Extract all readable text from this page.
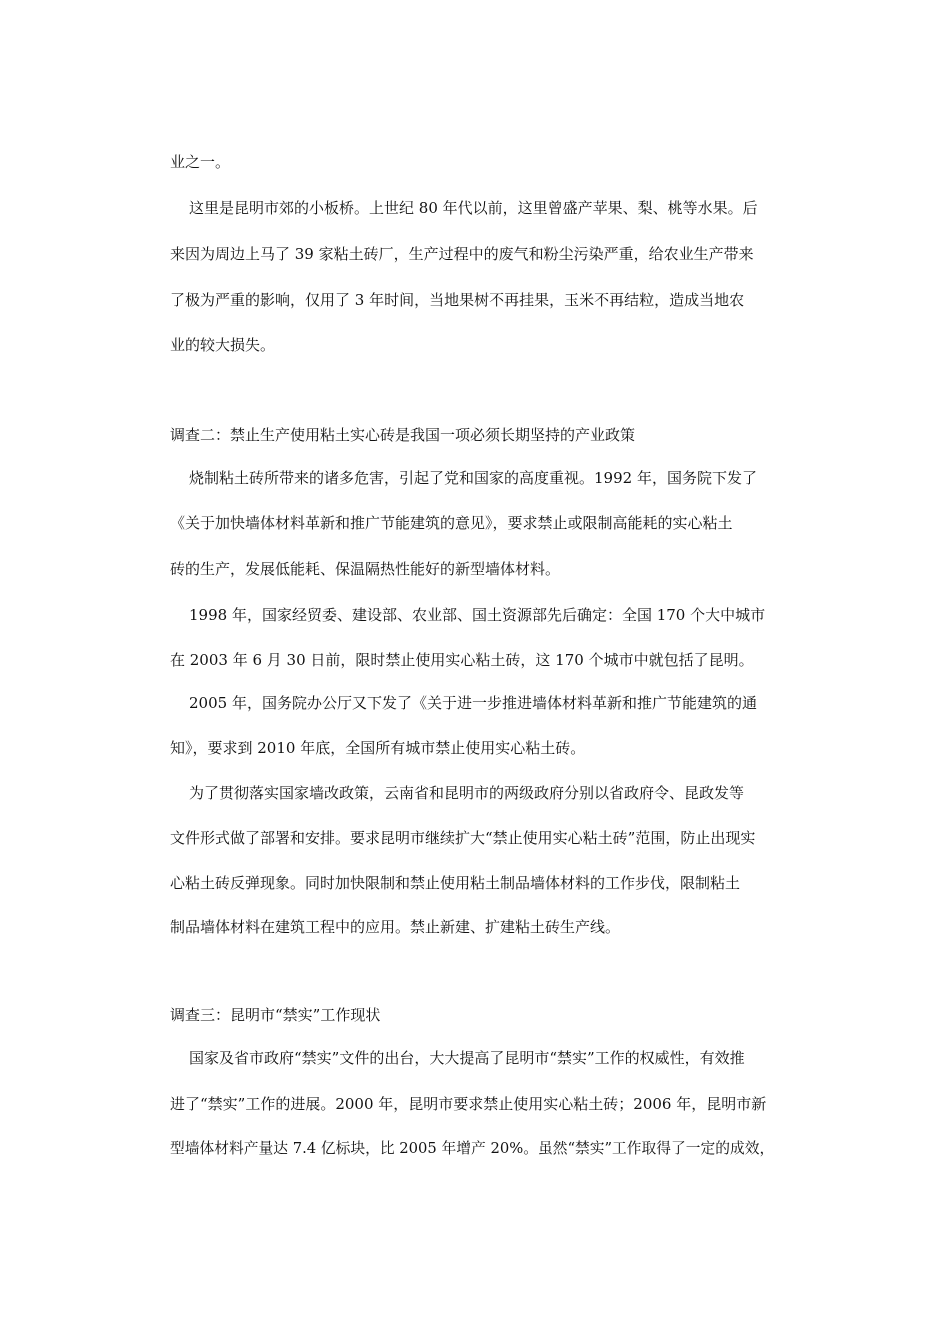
业之一。
这里是昆明市郊的小板桥。上世纪 80 年代以前，这里曾盛产苹果、梨、桃等水果。后
来因为周边上马了 39 家粘土砖厂，生产过程中的废气和粉尘污染严重，给农业生产带来
了极为严重的影响，仅用了 3 年时间，当地果树不再挂果，玉米不再结粒，造成当地农
业的较大损失。
调查二：禁止生产使用粘土实心砖是我国一项必须长期坚持的产业政策
烧制粘土砖所带来的诸多危害，引起了党和国家的高度重视。1992 年，国务院下发了
《关于加快墙体材料革新和推广节能建筑的意见》，要求禁止或限制高能耗的实心粘土
砖的生产，发展低能耗、保温隔热性能好的新型墙体材料。
1998 年，国家经贸委、建设部、农业部、国土资源部先后确定：全国 170 个大中城市
在 2003 年 6 月 30 日前，限时禁止使用实心粘土砖，这 170 个城市中就包括了昆明。
2005 年，国务院办公厅又下发了《关于进一步推进墙体材料革新和推广节能建筑的通
知》，要求到 2010 年底，全国所有城市禁止使用实心粘土砖。
为了贯彻落实国家墙改政策，云南省和昆明市的两级政府分别以省政府令、昆政发等
文件形式做了部署和安排。要求昆明市继续扩大“禁止使用实心粘土砖”范围，防止出现实
心粘土砖反弹现象。同时加快限制和禁止使用粘土制品墙体材料的工作步伐，限制粘土
制品墙体材料在建筑工程中的应用。禁止新建、扩建粘土砖生产线。
调查三：昆明市“禁实”工作现状
国家及省市政府“禁实”文件的出台，大大提高了昆明市“禁实”工作的权威性，有效推
进了“禁实”工作的进展。2000 年，昆明市要求禁止使用实心粘土砖；2006 年，昆明市新
型墙体材料产量达 7.4 亿标块，比 2005 年增产 20%。虽然“禁实”工作取得了一定的成效，
